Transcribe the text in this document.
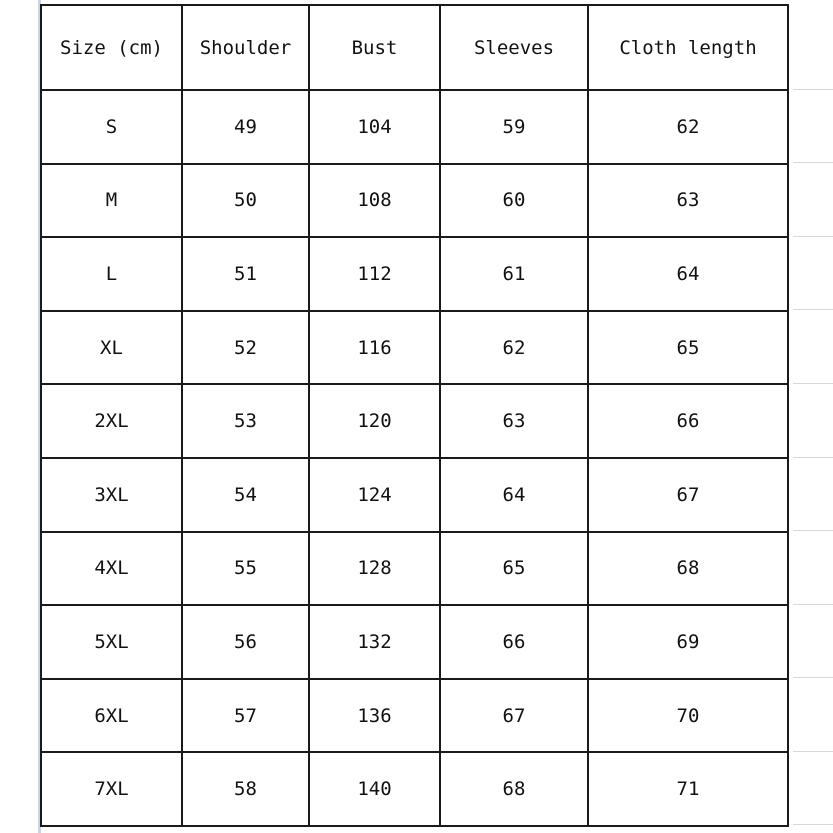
Size (cm)	Shoulder	Bust	Sleeves	Cloth length
S	49	104	59	62
M	50	108	60	63
L	51	112	61	64
XL	52	116	62	65
2XL	53	120	63	66
3XL	54	124	64	67
4XL	55	128	65	68
5XL	56	132	66	69
6XL	57	136	67	70
7XL	58	140	68	71
